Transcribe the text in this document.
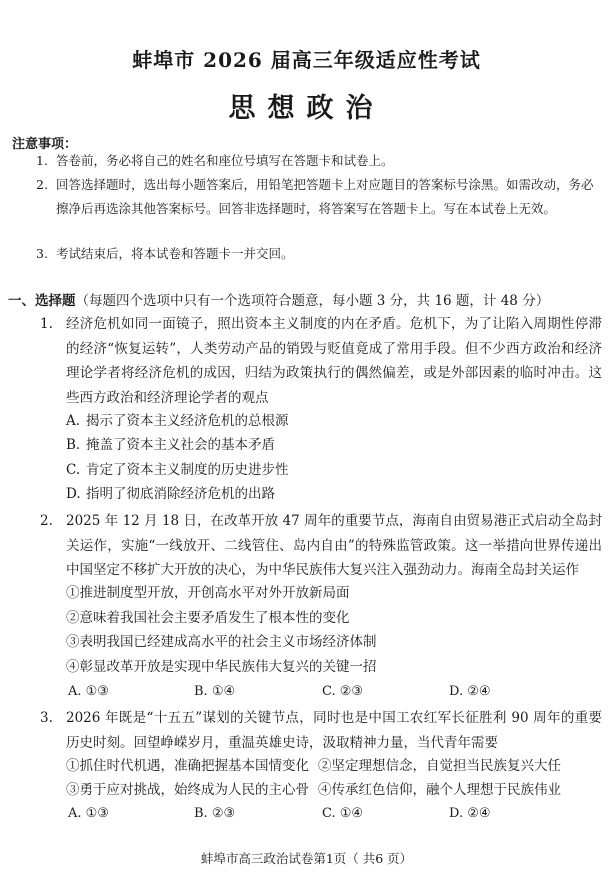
蚌埠市 2026 届高三年级适应性考试
思想政治
注意事项：
1. 答卷前，务必将自己的姓名和座位号填写在答题卡和试卷上。
2. 回答选择题时，选出每小题答案后，用铅笔把答题卡上对应题目的答案标号涂黑。如需改动，务必擦净后再选涂其他答案标号。回答非选择题时，将答案写在答题卡上。写在本试卷上无效。
3. 考试结束后，将本试卷和答题卡一并交回。
一、选择题（每题四个选项中只有一个选项符合题意，每小题 3 分，共 16 题，计 48 分）
1. 经济危机如同一面镜子，照出资本主义制度的内在矛盾。危机下，为了让陷入周期性停滞的经济“恢复运转”，人类劳动产品的销毁与贬值竟成了常用手段。但不少西方政治和经济理论学者将经济危机的成因，归结为政策执行的偶然偏差，或是外部因素的临时冲击。这些西方政治和经济理论学者的观点
A. 揭示了资本主义经济危机的总根源
B. 掩盖了资本主义社会的基本矛盾
C. 肯定了资本主义制度的历史进步性
D. 指明了彻底消除经济危机的出路
2. 2025 年 12 月 18 日，在改革开放 47 周年的重要节点，海南自由贸易港正式启动全岛封关运作，实施“一线放开、二线管住、岛内自由”的特殊监管政策。这一举措向世界传递出中国坚定不移扩大开放的决心，为中华民族伟大复兴注入强劲动力。海南全岛封关运作
①推进制度型开放，开创高水平对外开放新局面
②意味着我国社会主要矛盾发生了根本性的变化
③表明我国已经建成高水平的社会主义市场经济体制
④彰显改革开放是实现中华民族伟大复兴的关键一招
A. ①③	B. ①④	C. ②③	D. ②④
3. 2026 年既是“十五五”谋划的关键节点，同时也是中国工农红军长征胜利 90 周年的重要历史时刻。回望峥嵘岁月，重温英雄史诗，汲取精神力量，当代青年需要
①抓住时代机遇，准确把握基本国情变化 ②坚定理想信念，自觉担当民族复兴大任
③勇于应对挑战，始终成为人民的主心骨 ④传承红色信仰，融个人理想于民族伟业
A. ①③	B. ②③	C. ①④	D. ②④
蚌埠市高三政治试卷第1页（ 共6 页）
